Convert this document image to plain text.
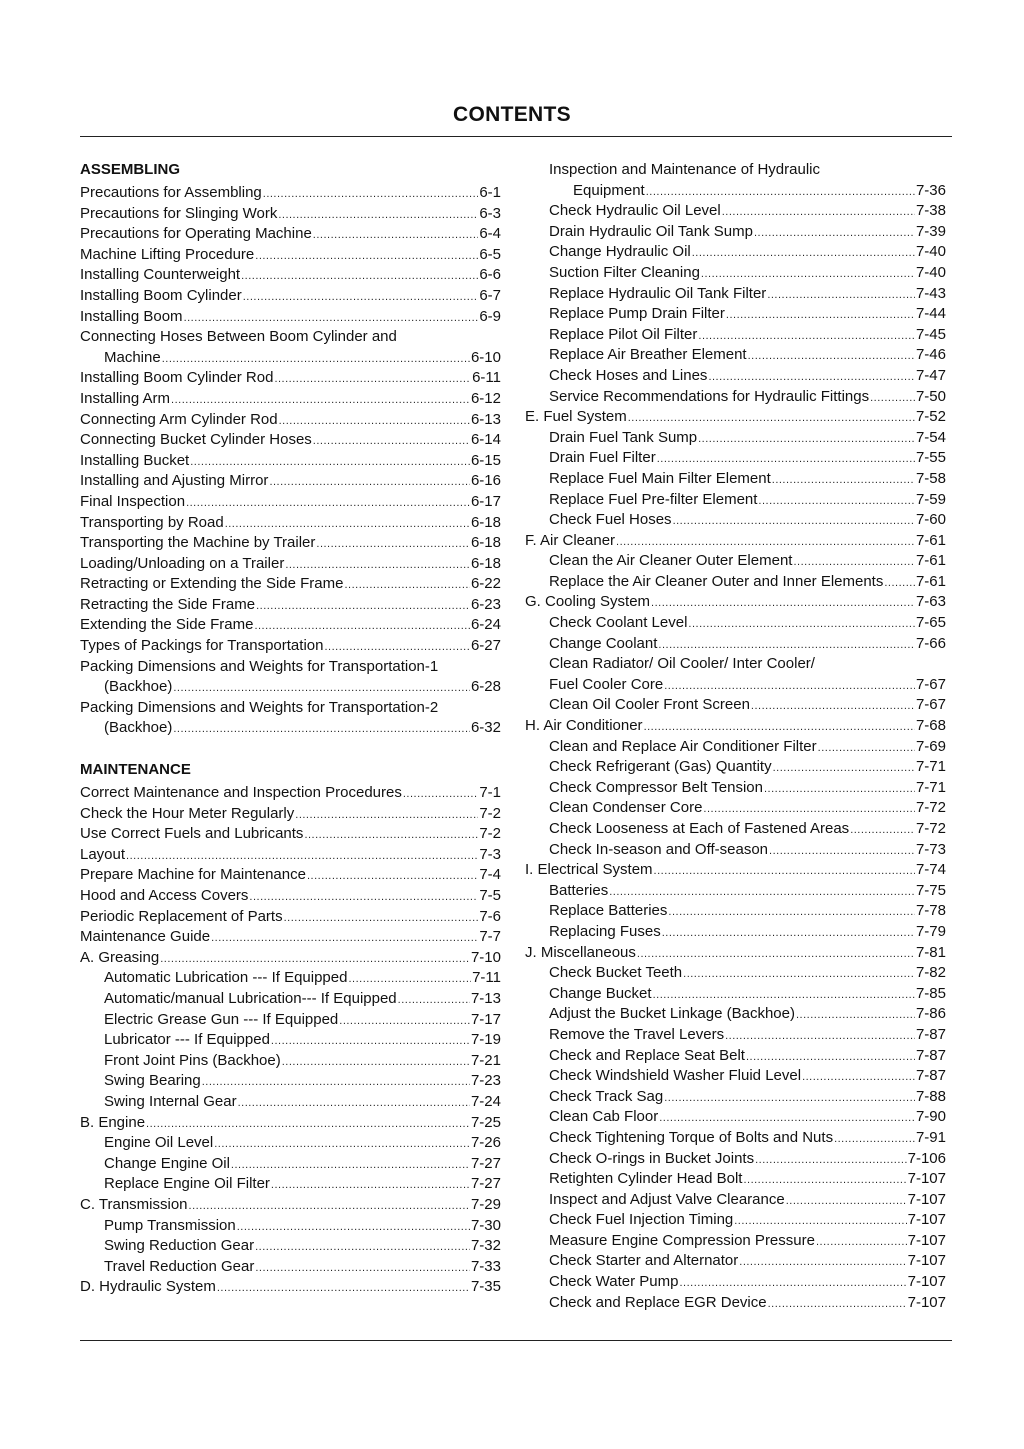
CONTENTS
ASSEMBLING
Precautions for Assembling .....	6-1
Precautions for Slinging Work .....	6-3
Precautions for Operating Machine .....	6-4
Machine Lifting Procedure .....	6-5
Installing Counterweight .....	6-6
Installing Boom Cylinder .....	6-7
Installing Boom .....	6-9
Connecting Hoses Between Boom Cylinder and
Machine .....	6-10
Installing Boom Cylinder Rod .....	6-11
Installing Arm .....	6-12
Connecting Arm Cylinder Rod .....	6-13
Connecting Bucket Cylinder Hoses .....	6-14
Installing Bucket .....	6-15
Installing and Ajusting Mirror .....	6-16
Final Inspection .....	6-17
Transporting by Road .....	6-18
Transporting the Machine by Trailer .....	6-18
Loading/Unloading on a Trailer .....	6-18
Retracting or Extending the Side Frame .....	6-22
Retracting the Side Frame .....	6-23
Extending the Side Frame .....	6-24
Types of Packings for Transportation .....	6-27
Packing Dimensions and Weights for Transportation-1
(Backhoe) .....	6-28
Packing Dimensions and Weights for Transportation-2
(Backhoe) .....	6-32
MAINTENANCE
Correct Maintenance and Inspection Procedures .....	7-1
Check the Hour Meter Regularly .....	7-2
Use Correct Fuels and Lubricants .....	7-2
Layout .....	7-3
Prepare Machine for Maintenance .....	7-4
Hood and Access Covers .....	7-5
Periodic Replacement of Parts .....	7-6
Maintenance Guide .....	7-7
A. Greasing .....	7-10
Automatic Lubrication --- If Equipped .....	7-11
Automatic/manual Lubrication--- If Equipped .....	7-13
Electric Grease Gun --- If Equipped .....	7-17
Lubricator --- If Equipped .....	7-19
Front Joint Pins (Backhoe) .....	7-21
Swing Bearing .....	7-23
Swing Internal Gear .....	7-24
B. Engine .....	7-25
Engine Oil Level .....	7-26
Change Engine Oil .....	7-27
Replace Engine Oil Filter .....	7-27
C. Transmission .....	7-29
Pump Transmission .....	7-30
Swing Reduction Gear .....	7-32
Travel Reduction Gear .....	7-33
D. Hydraulic System .....	7-35
Inspection and Maintenance of Hydraulic
Equipment .....	7-36
Check Hydraulic Oil Level .....	7-38
Drain Hydraulic Oil Tank Sump .....	7-39
Change Hydraulic Oil .....	7-40
Suction Filter Cleaning .....	7-40
Replace Hydraulic Oil Tank Filter .....	7-43
Replace Pump Drain Filter .....	7-44
Replace Pilot Oil Filter .....	7-45
Replace Air Breather Element .....	7-46
Check Hoses and Lines .....	7-47
Service Recommendations for Hydraulic Fittings .....	7-50
E. Fuel System .....	7-52
Drain Fuel Tank Sump .....	7-54
Drain Fuel Filter .....	7-55
Replace Fuel Main Filter Element .....	7-58
Replace Fuel Pre-filter Element .....	7-59
Check Fuel Hoses .....	7-60
F. Air Cleaner .....	7-61
Clean the Air Cleaner Outer Element .....	7-61
Replace the Air Cleaner Outer and Inner Elements ..... 7-61
G. Cooling System .....	7-63
Check Coolant Level .....	7-65
Change Coolant .....	7-66
Clean Radiator/ Oil Cooler/ Inter Cooler/
Fuel Cooler Core .....	7-67
Clean Oil Cooler Front Screen .....	7-67
H. Air Conditioner .....	7-68
Clean and Replace Air Conditioner Filter .....	7-69
Check Refrigerant (Gas) Quantity .....	7-71
Check Compressor Belt Tension .....	7-71
Clean Condenser Core .....	7-72
Check Looseness at Each of Fastened Areas .....	7-72
Check In-season and Off-season .....	7-73
I. Electrical System .....	7-74
Batteries .....	7-75
Replace Batteries .....	7-78
Replacing Fuses .....	7-79
J. Miscellaneous .....	7-81
Check Bucket Teeth .....	7-82
Change Bucket .....	7-85
Adjust the Bucket Linkage (Backhoe) .....	7-86
Remove the Travel Levers .....	7-87
Check and Replace Seat Belt .....	7-87
Check Windshield Washer Fluid Level .....	7-87
Check Track Sag .....	7-88
Clean Cab Floor .....	7-90
Check Tightening Torque of Bolts and Nuts .....	7-91
Check O-rings in Bucket Joints .....	7-106
Retighten Cylinder Head Bolt .....	7-107
Inspect and Adjust Valve Clearance .....	7-107
Check Fuel Injection Timing .....	7-107
Measure Engine Compression Pressure .....	7-107
Check Starter and Alternator .....	7-107
Check Water Pump .....	7-107
Check and Replace EGR Device .....	7-107
